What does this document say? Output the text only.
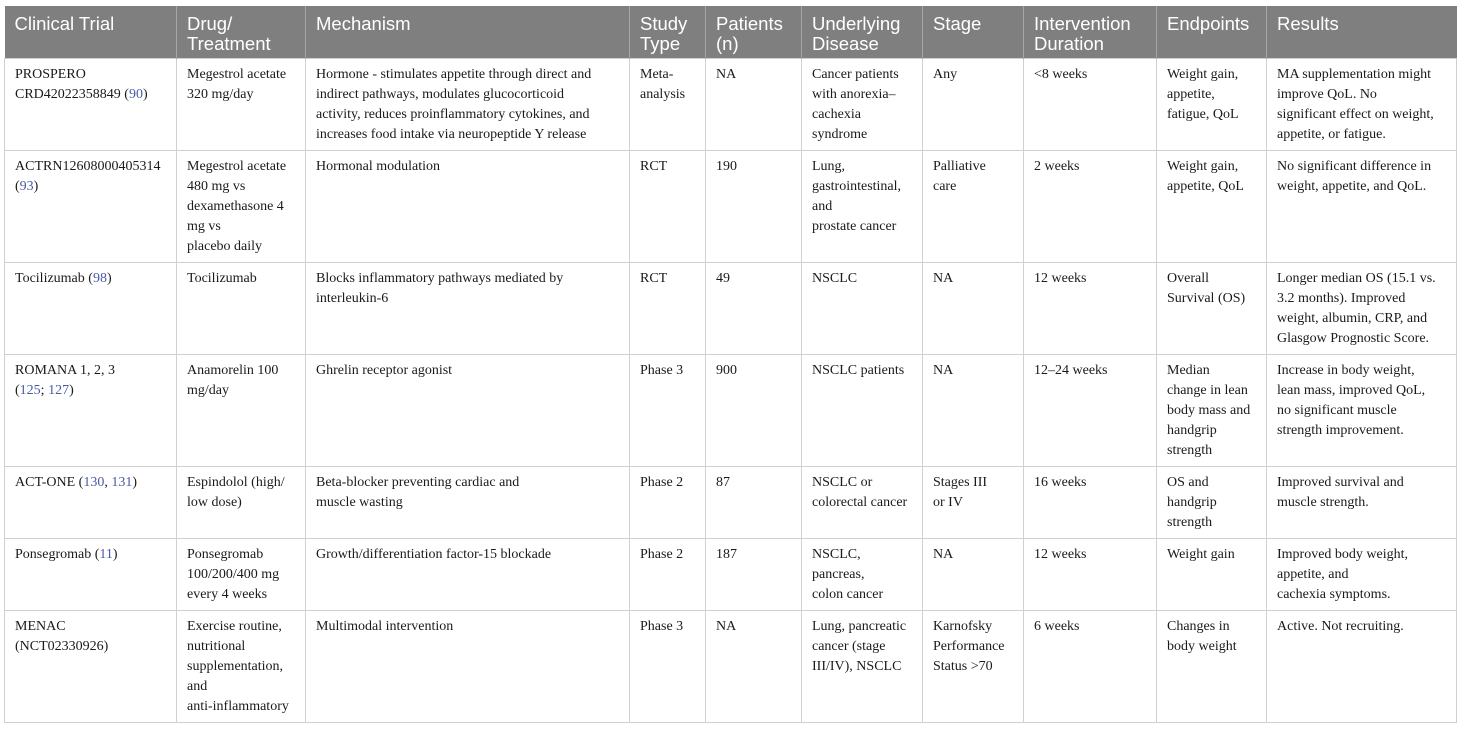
Clinical Trial	Drug/
Treatment	Mechanism	Study
Type	Patients
(n)	Underlying
Disease	Stage	Intervention
Duration	Endpoints	Results

PROSPERO
CRD42022358849 (90)	Megestrol acetate
320 mg/day	Hormone - stimulates appetite through direct and
indirect pathways, modulates glucocorticoid
activity, reduces proinflammatory cytokines, and
increases food intake via neuropeptide Y release	Meta-
analysis	NA	Cancer patients
with anorexia–
cachexia
syndrome	Any	<8 weeks	Weight gain,
appetite,
fatigue, QoL	MA supplementation might
improve QoL. No
significant effect on weight,
appetite, or fatigue.

ACTRN12608000405314
(93)	Megestrol acetate
480 mg vs
dexamethasone 4
mg vs
placebo daily	Hormonal modulation	RCT	190	Lung,
gastrointestinal,
and
prostate cancer	Palliative
care	2 weeks	Weight gain,
appetite, QoL	No significant difference in
weight, appetite, and QoL.

Tocilizumab (98)	Tocilizumab	Blocks inflammatory pathways mediated by
interleukin-6	RCT	49	NSCLC	NA	12 weeks	Overall
Survival (OS)	Longer median OS (15.1 vs.
3.2 months). Improved
weight, albumin, CRP, and
Glasgow Prognostic Score.

ROMANA 1, 2, 3
(125; 127)	Anamorelin 100
mg/day	Ghrelin receptor agonist	Phase 3	900	NSCLC patients	NA	12–24 weeks	Median
change in lean
body mass and
handgrip
strength	Increase in body weight,
lean mass, improved QoL,
no significant muscle
strength improvement.

ACT-ONE (130, 131)	Espindolol (high/
low dose)	Beta-blocker preventing cardiac and
muscle wasting	Phase 2	87	NSCLC or
colorectal cancer	Stages III
or IV	16 weeks	OS and
handgrip
strength	Improved survival and
muscle strength.

Ponsegromab (11)	Ponsegromab
100/200/400 mg
every 4 weeks	Growth/differentiation factor-15 blockade	Phase 2	187	NSCLC,
pancreas,
colon cancer	NA	12 weeks	Weight gain	Improved body weight,
appetite, and
cachexia symptoms.

MENAC
(NCT02330926)	Exercise routine,
nutritional
supplementation,
and
anti-inflammatory	Multimodal intervention	Phase 3	NA	Lung, pancreatic
cancer (stage
III/IV), NSCLC	Karnofsky
Performance
Status >70	6 weeks	Changes in
body weight	Active. Not recruiting.
